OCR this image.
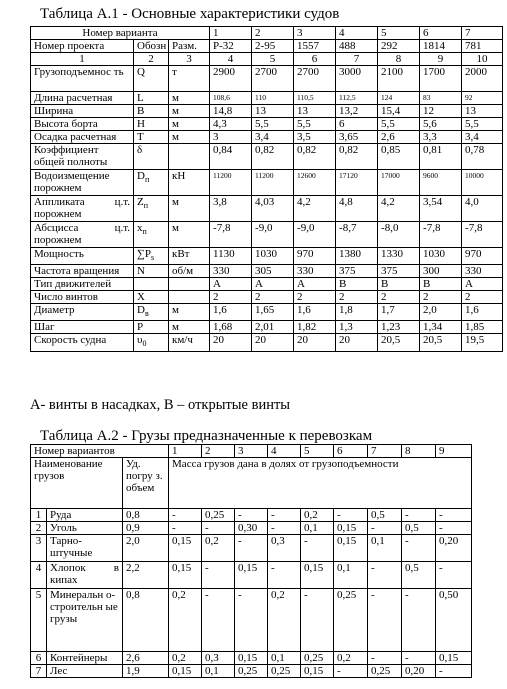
Таблица А.1 - Основные характеристики судов
Номер варианта			1	2	3	4	5	6	7
Номер проекта	Обозн	Разм.	Р-32	2-95	1557	488	292	1814	781
1	2	3	4	5	6	7	8	9	10
Грузоподъемнос ть	Q	т	2900	2700	2700	3000	2100	1700	2000
Длина расчетная	L	м	108,6	110	110,5	112,5	124	83	92
Ширина	B	м	14,8	13	13	13,2	15,4	12	13
Высота борта	H	м	4,3	5,5	5,5	6	5,5	5,6	5,5
Осадка расчетная	T	м	3	3,4	3,5	3,65	2,6	3,3	3,4
Коэффициент общей полноты	δ		0,84	0,82	0,82	0,82	0,85	0,81	0,78
Водоизмещение порожнем	$D_п$	кН	11200	11200	12600	17120	17000	9600	10000
Аппликата ц.т. порожнем	$Z_п$	м	3,8	4,03	4,2	4,8	4,2	3,54	4,0
Абсцисса ц.т. порожнем	$x_п$	м	-7,8	-9,0	-9,0	-8,7	-8,0	-7,8	-7,8
Мощность	$\sum P_s$	кВт	1130	1030	970	1380	1330	1030	970
Частота вращения	N	об/м	330	305	330	375	375	300	330
Тип движителей			А	А	А	В	В	В	А
Число винтов	X		2	2	2	2	2	2	2
Диаметр	$D_в$	м	1,6	1,65	1,6	1,8	1,7	2,0	1,6
Шаг	P	м	1,68	2,01	1,82	1,3	1,23	1,34	1,85
Скорость судна	$\upsilon_0$	км/ч	20	20	20	20	20,5	20,5	19,5
А- винты в насадках, В – открытые винты
Таблица А.2 - Грузы предназначенные к перевозкам
Номер вариантов			1	2	3	4	5	6	7	8	9
Наименование грузов		Уд. погру з. объем	Масса грузов дана в долях от грузоподъемности								
1	Руда	0,8	-	0,25	-	-	0,2	-	0,5	-	-
2	Уголь	0,9	-	-	0,30	-	0,1	0,15	-	0,5	-
3	Тарно-штучные	2,0	0,15	0,2	-	0,3	-	0,15	0,1	-	0,20
4	Хлопок в кипах	2,2	0,15	-	0,15	-	0,15	0,1	-	0,5	-
5	Минеральн о-строительн ые грузы	0,8	0,2	-	-	0,2	-	0,25	-	-	0,50
6	Контейнеры	2,6	0,2	0,3	0,15	0,1	0,25	0,2	-	-	0,15
7	Лес	1,9	0,15	0,1	0,25	0,25	0,15	-	0,25	0,20	-
